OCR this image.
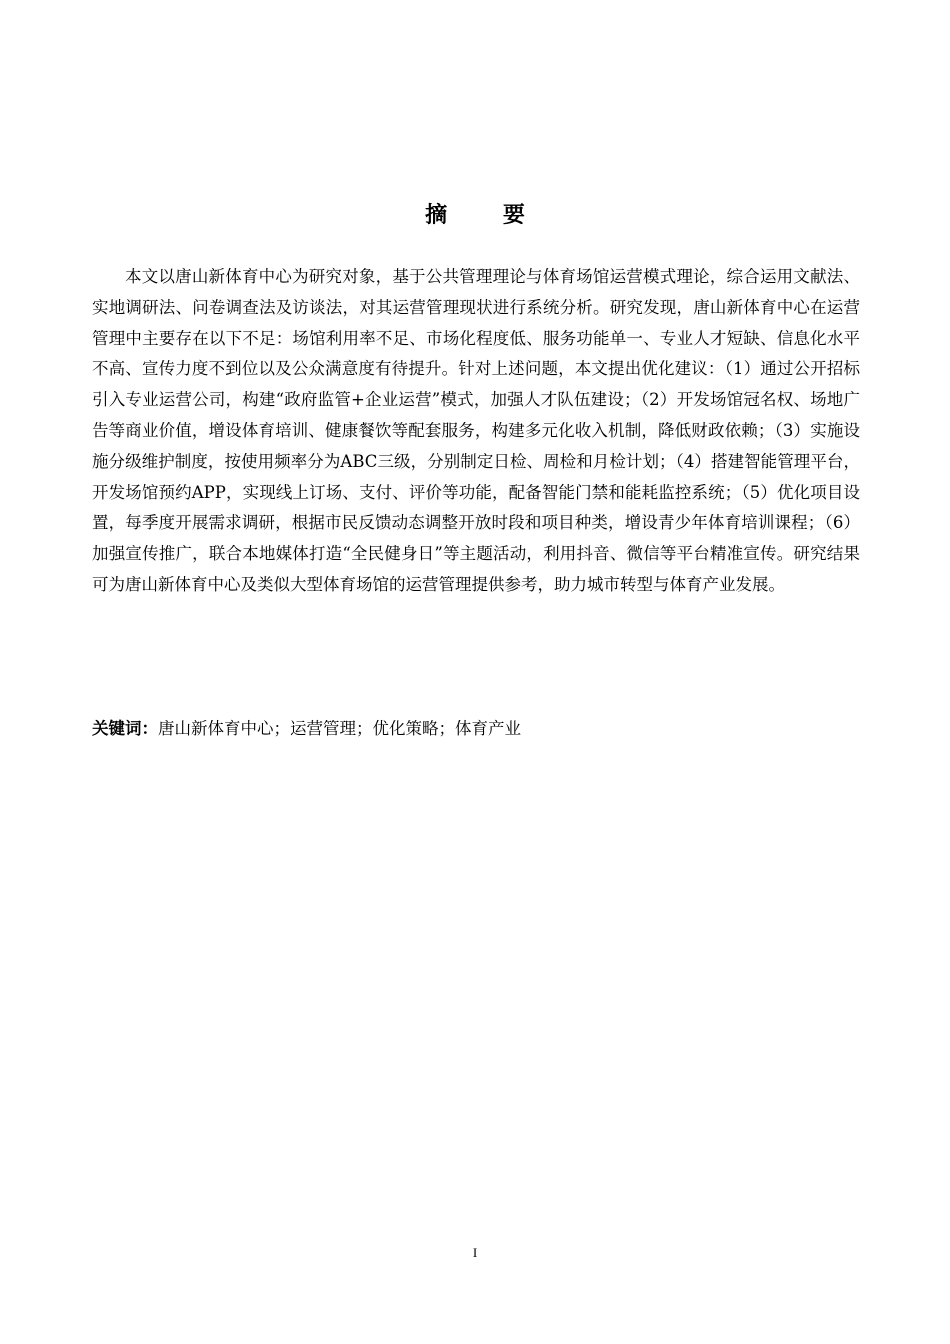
摘 要

本文以唐山新体育中心为研究对象，基于公共管理理论与体育场馆运营模式理论，综合运用文献法、实地调研法、问卷调查法及访谈法，对其运营管理现状进行系统分析。研究发现，唐山新体育中心在运营管理中主要存在以下不足：场馆利用率不足、市场化程度低、服务功能单一、专业人才短缺、信息化水平不高、宣传力度不到位以及公众满意度有待提升。针对上述问题，本文提出优化建议：（1）通过公开招标引入专业运营公司，构建“政府监管+企业运营”模式，加强人才队伍建设；（2）开发场馆冠名权、场地广告等商业价值，增设体育培训、健康餐饮等配套服务，构建多元化收入机制，降低财政依赖；（3）实施设施分级维护制度，按使用频率分为ABC三级，分别制定日检、周检和月检计划；（4）搭建智能管理平台，开发场馆预约APP，实现线上订场、支付、评价等功能，配备智能门禁和能耗监控系统；（5）优化项目设置，每季度开展需求调研，根据市民反馈动态调整开放时段和项目种类，增设青少年体育培训课程；（6）加强宣传推广，联合本地媒体打造“全民健身日”等主题活动，利用抖音、微信等平台精准宣传。研究结果可为唐山新体育中心及类似大型体育场馆的运营管理提供参考，助力城市转型与体育产业发展。

关键词：唐山新体育中心；运营管理；优化策略；体育产业

I
